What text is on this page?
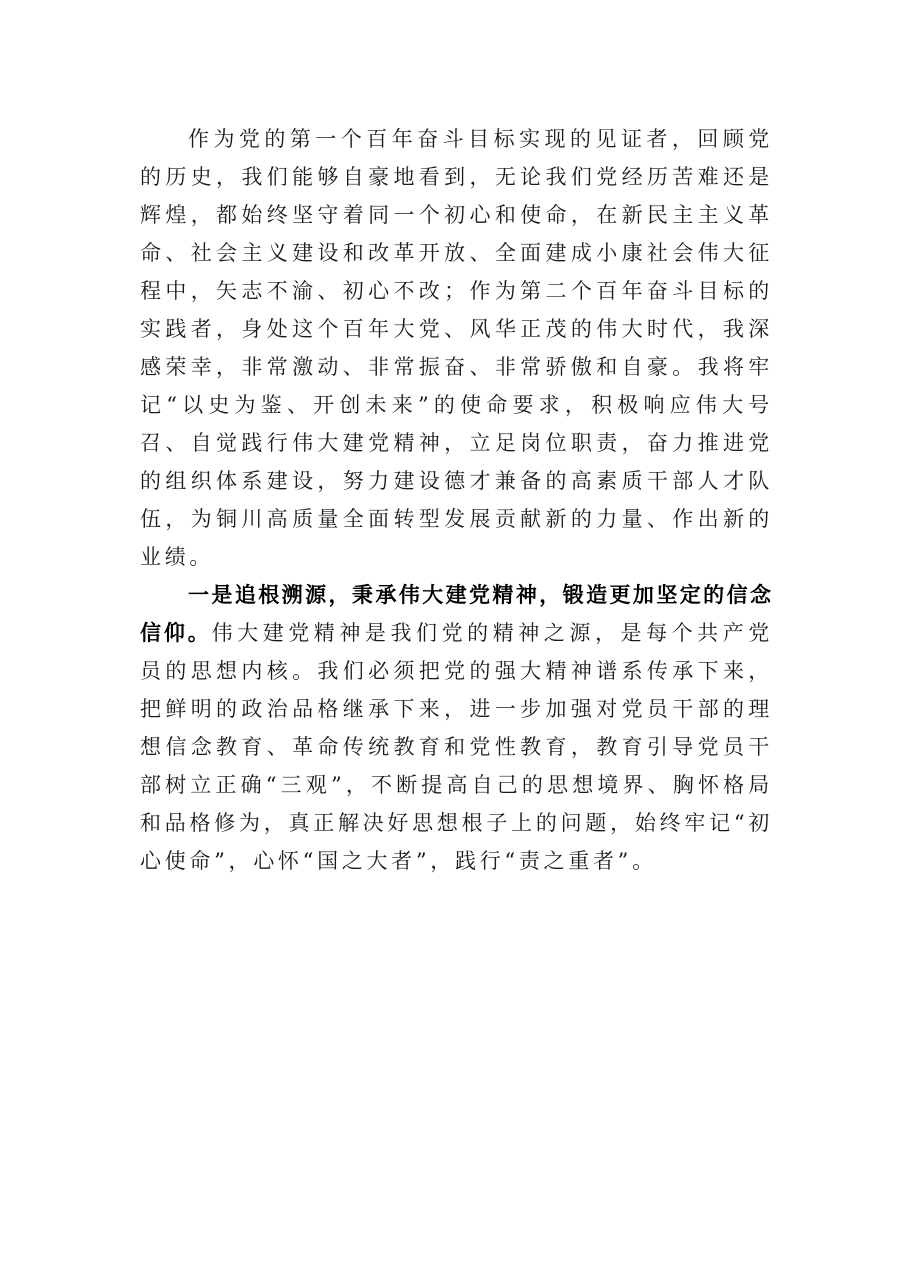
作为党的第一个百年奋斗目标实现的见证者，回顾党的历史，我们能够自豪地看到，无论我们党经历苦难还是辉煌，都始终坚守着同一个初心和使命，在新民主主义革命、社会主义建设和改革开放、全面建成小康社会伟大征程中，矢志不渝、初心不改；作为第二个百年奋斗目标的实践者，身处这个百年大党、风华正茂的伟大时代，我深感荣幸，非常激动、非常振奋、非常骄傲和自豪。我将牢记“以史为鉴、开创未来”的使命要求，积极响应伟大号召、自觉践行伟大建党精神，立足岗位职责，奋力推进党的组织体系建设，努力建设德才兼备的高素质干部人才队伍，为铜川高质量全面转型发展贡献新的力量、作出新的业绩。

一是追根溯源，秉承伟大建党精神，锻造更加坚定的信念信仰。伟大建党精神是我们党的精神之源，是每个共产党员的思想内核。我们必须把党的强大精神谱系传承下来，把鲜明的政治品格继承下来，进一步加强对党员干部的理想信念教育、革命传统教育和党性教育，教育引导党员干部树立正确“三观”，不断提高自己的思想境界、胸怀格局和品格修为，真正解决好思想根子上的问题，始终牢记“初心使命”，心怀“国之大者”，践行“责之重者”。
